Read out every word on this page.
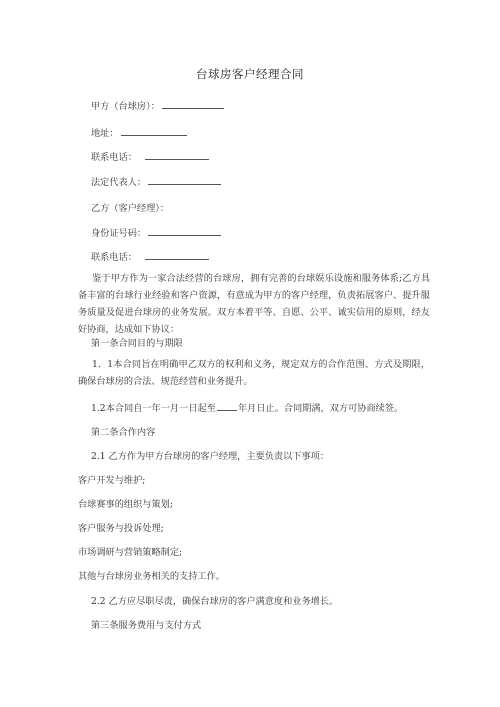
台球房客户经理合同
甲方（台球房）：
地址：
联系电话：
法定代表人：
乙方（客户经理）：
身份证号码：
联系电话：
鉴于甲方作为一家合法经营的台球房，拥有完善的台球娱乐设施和服务体系;乙方具备丰富的台球行业经验和客户资源，有意成为甲方的客户经理，负责拓展客户、提升服务质量及促进台球房的业务发展。双方本着平等、自愿、公平、诚实信用的原则，经友好协商，达成如下协议：
第一条合同目的与期限
1．1本合同旨在明确甲乙双方的权利和义务，规定双方的合作范围、方式及期限，确保台球房的合法、规范经营和业务提升。
1.2本合同自一年一月一日起至 年月日止。合同期满，双方可协商续签。
第二条合作内容
2.1 乙方作为甲方台球房的客户经理，主要负责以下事项：
客户开发与维护;
台球赛事的组织与策划;
客户服务与投诉处理;
市场调研与营销策略制定;
其他与台球房业务相关的支持工作。
2.2 乙方应尽职尽责，确保台球房的客户满意度和业务增长。
第三条服务费用与支付方式
